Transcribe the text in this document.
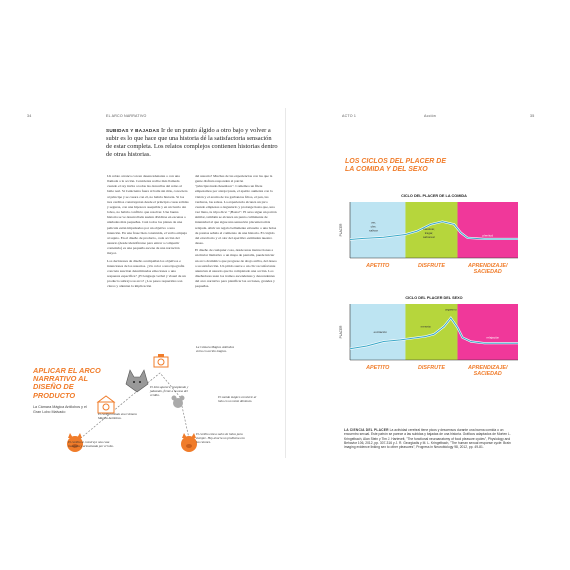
34	EL ARCO NARRATIVO
SUBIDAS Y BAJADAS Ir de un punto álgido a otro bajo y volver a subir es lo que hace que una historia dé la satisfactoria sensación de estar completa. Los relatos complejos contienen historias dentro de otras historias.

Un relato arranca con un desencadenante o con una llamada a la acción. Cenicienta recibe más llamada cuando el rey invita a todas las doncellas del reino al baile real. Si Cenicienta fuera al baile sin más, conociera al príncipe y se casara con él, no habría historia. Si los tres cerditos construyeran desde el principio casas sólidas y seguras, con una hipoteca asequible y en un barrio sin lobos, no habría conflicto que resolver. Una buena historia se ve desarrollada suelen dividirse en escenas o unidades más pequeñas. Casi todos los planes de una película están impulsados por un objetivo o una intención. En una frase bien construida, el verbo empuja al sujeto. En el diseño de producto, cada acción del usuario (desde identificarse para entrar a compartir contenido) es una pequeña escena de una narración mayor.

Los decisiones de diseño acompañan los objetivos e intenciones de los usuarios. ¿Un color o una tipografía concreta suscitan determinadas emociones o una respuesta específica? ¿El lenguaje verbal y visual de un producto subraya su arco? ¿Los pasos requeridos son claros y alientan la implicación

del usuario? Muchas de las experiencias con las que la gente disfruta responden al patrón "principio/nudo/desenlace". Comemos un filete empezamos por antojo/pasta, el apetito aumenta con la visión y el aroma de los garbanzos fritos, el pan, las verduras, las salsas. La experiencia alcanza un pico cuando empiezas a degustarlo y prolonge hasta que, una vez llena, tu tripa dice: "¡Basta!". El sexo sigue un patrón similar, también se alcanza un punto culminante de intensidad al que sigue una sensación placentera más relajada. Abrir un regalo bellamente envuelto o una bolsa de patatas señala el comienzo de una historia. El crujido del envoltorio y el olor del aperitivo estimulan nuestro deseo.

El diseño de cualquier cosa, desde unas instrucciones a un titular llamativo o un mapa de pantalla, puede iniciar un arco dramático que progrese de abajo arriba, del deseo a su satisfacción. Un pitido suave o un clic reconfortante anuncian al usuario que ha completado una acción. Los diseñadores usan los tramos ascendentes y descendentes del arco narrativo para planificar las acciones, grandes y pequeñas.

APLICAR EL ARCO NARRATIVO AL DISEÑO DE PRODUCTO
La Cámara Mágica Antilobos y el Gran Lobo Malvado
La Cámara Mágica Antilobos entra en acción mágica.
El lobo aparece, resoplando y jadeando, frente a la casa del cerdito.
El cerdito instala una Cámara Mágica Antilobos.
El cerdito se construye una casa tranquila y armonizada por el lobo.
El sonido mágico convierte al lobo en un ratón diminuto.
El cerdito está a salvo de lobos para siempre. Hoy ahorra un problema con los ratones.
ACTO 1	Acción	35
LOS CICLOS DEL PLACER DE LA COMIDA Y DEL SEXO
CICLO DEL PLACER DE LA COMIDA
PLACER
APETITO	DISFRUTE	APRENDIZAJE/
SACIEDAD
ver,
oler,
salivar	masticar,
tragar,
saborear	plenitud
CICLO DEL PLACER DEL SEXO
PLACER
APETITO	DISFRUTE	APRENDIZAJE/
SACIEDAD
excitación
meseta
orgasmo
relajación
LA CIENCIA DEL PLACER La actividad cerebral tiene picos y descensos durante una buena comida o un encuentro sexual. Este patrón se parece a las subidas y bajadas de una historia. Gráficos adaptados de Morten L. Kringelbach, Alan Stein y Tim J. Hartevelt, "The functional neuroanatomy of food pleasure cycles", Physiology and Behavior 106, 2012, pp. 307-316 y J. R. Georgiadis y M. L. Kringelbach, "The human sexual response cycle: Brain imaging evidence linking sex to other pleasures", Progress in Neurobiology 98, 2012, pp. 49-81.
